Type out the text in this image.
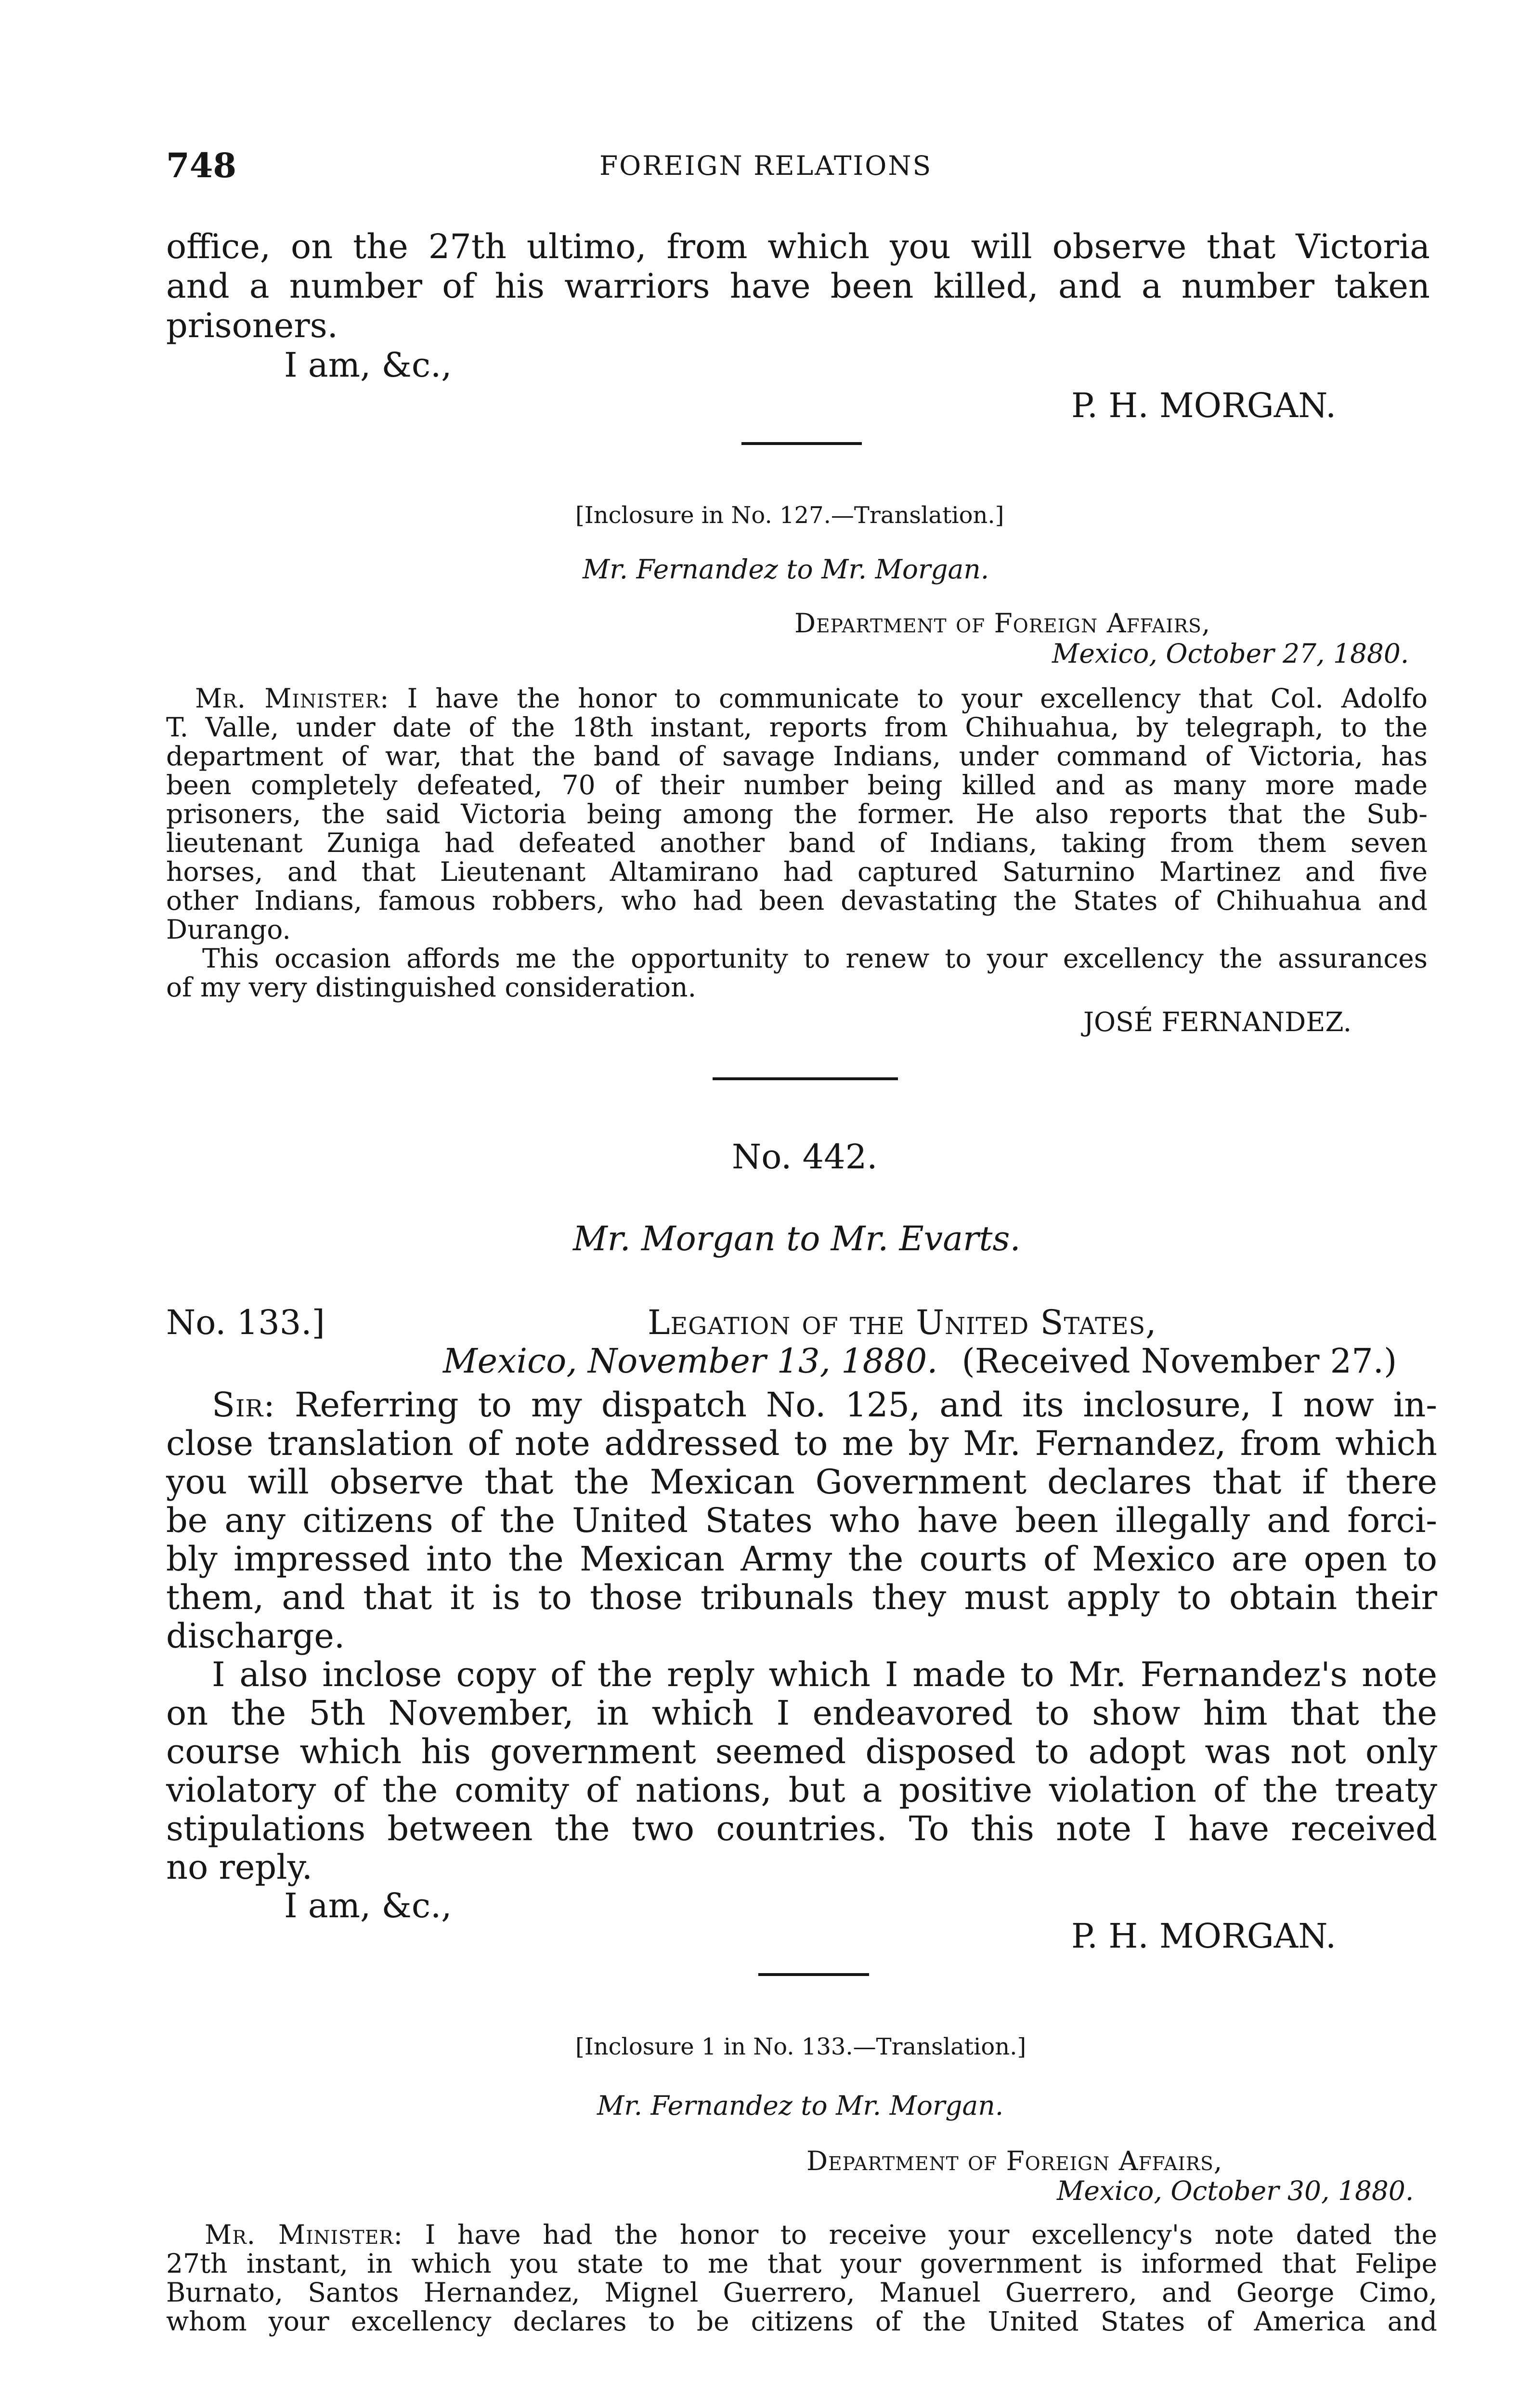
748	FOREIGN RELATIONS
office, on the 27th ultimo, from which you will observe that Victoria
and a number of his warriors have been killed, and a number taken
prisoners.
I am, &c.,
P. H. MORGAN.
[Inclosure in No. 127.—Translation.]
Mr. Fernandez to Mr. Morgan.
Department of Foreign Affairs,
Mexico, October 27, 1880.
Mr. Minister: I have the honor to communicate to your excellency that Col. Adolfo
T. Valle, under date of the 18th instant, reports from Chihuahua, by telegraph, to the
department of war, that the band of savage Indians, under command of Victoria, has
been completely defeated, 70 of their number being killed and as many more made
prisoners, the said Victoria being among the former. He also reports that the Sub-
lieutenant Zuniga had defeated another band of Indians, taking from them seven
horses, and that Lieutenant Altamirano had captured Saturnino Martinez and five
other Indians, famous robbers, who had been devastating the States of Chihuahua and
Durango.
This occasion affords me the opportunity to renew to your excellency the assurances
of my very distinguished consideration.
JOSÉ FERNANDEZ.
No. 442.
Mr. Morgan to Mr. Evarts.
No. 133.]	Legation of the United States,
Mexico, November 13, 1880. (Received November 27.)
Sir: Referring to my dispatch No. 125, and its inclosure, I now in-
close translation of note addressed to me by Mr. Fernandez, from which
you will observe that the Mexican Government declares that if there
be any citizens of the United States who have been illegally and forci-
bly impressed into the Mexican Army the courts of Mexico are open to
them, and that it is to those tribunals they must apply to obtain their
discharge.
I also inclose copy of the reply which I made to Mr. Fernandez's note
on the 5th November, in which I endeavored to show him that the
course which his government seemed disposed to adopt was not only
violatory of the comity of nations, but a positive violation of the treaty
stipulations between the two countries. To this note I have received
no reply.
I am, &c.,
P. H. MORGAN.
[Inclosure 1 in No. 133.—Translation.]
Mr. Fernandez to Mr. Morgan.
Department of Foreign Affairs,
Mexico, October 30, 1880.
Mr. Minister: I have had the honor to receive your excellency's note dated the
27th instant, in which you state to me that your government is informed that Felipe
Burnato, Santos Hernandez, Mignel Guerrero, Manuel Guerrero, and George Cimo,
whom your excellency declares to be citizens of the United States of America and
